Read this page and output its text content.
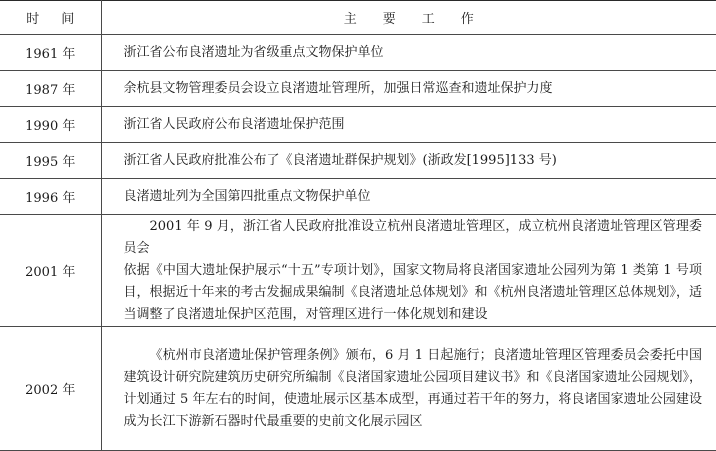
时间	主要工作
1961 年	浙江省公布良渚遗址为省级重点文物保护单位
1987 年	余杭县文物管理委员会设立良渚遗址管理所，加强日常巡查和遗址保护力度
1990 年	浙江省人民政府公布良渚遗址保护范围
1995 年	浙江省人民政府批准公布了《良渚遗址群保护规划》(浙政发[1995]133 号)
1996 年	良渚遗址列为全国第四批重点文物保护单位
2001 年	2001 年 9 月，浙江省人民政府批准设立杭州良渚遗址管理区，成立杭州良渚遗址管理区管理委员会
依据《中国大遗址保护展示“十五”专项计划》，国家文物局将良渚国家遗址公园列为第 1 类第 1 号项目，根据近十年来的考古发掘成果编制《良渚遗址总体规划》和《杭州良渚遗址管理区总体规划》，适当调整了良渚遗址保护区范围，对管理区进行一体化规划和建设

2002 年	《杭州市良渚遗址保护管理条例》颁布，6 月 1 日起施行；良渚遗址管理区管理委员会委托中国建筑设计研究院建筑历史研究所编制《良渚国家遗址公园项目建议书》和《良渚国家遗址公园规划》，计划通过 5 年左右的时间，使遗址展示区基本成型，再通过若干年的努力，将良诸国家遗址公园建设成为长江下游新石器时代最重要的史前文化展示园区
